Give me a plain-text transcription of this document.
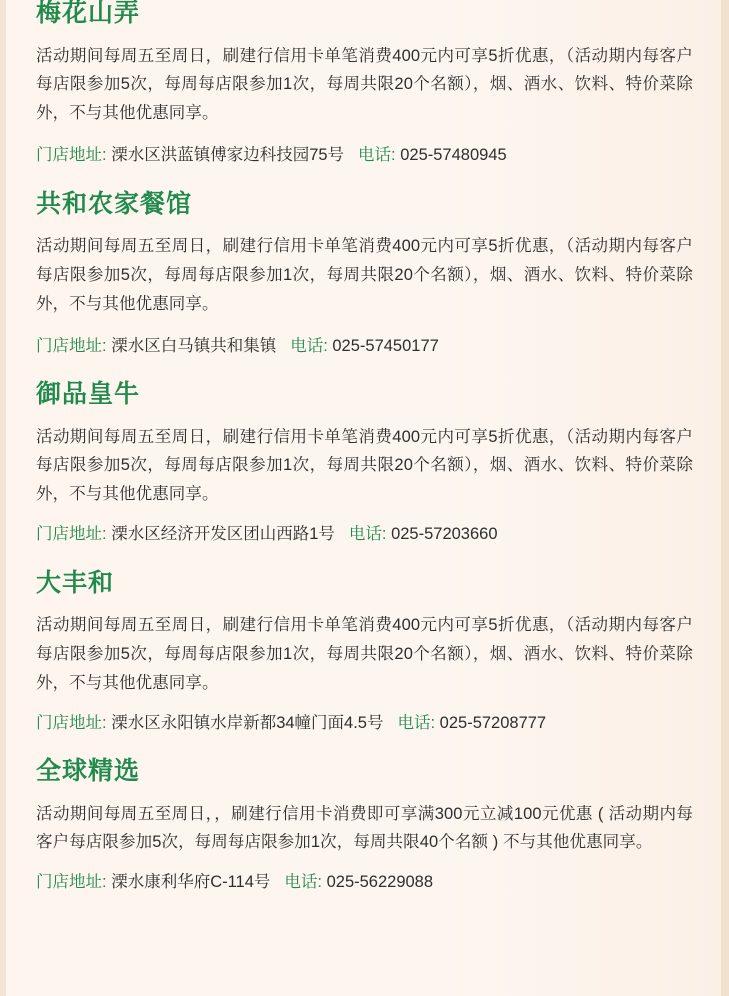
梅花山弄

活动期间每周五至周日，刷建行信用卡单笔消费400元内可享5折优惠，（活动期内每客户每店限参加5次，每周每店限参加1次，每周共限20个名额），烟、酒水、饮料、特价菜除外，不与其他优惠同享。

门店地址: 溧水区洪蓝镇傅家边科技园75号 电话: 025-57480945

共和农家餐馆

活动期间每周五至周日，刷建行信用卡单笔消费400元内可享5折优惠，（活动期内每客户每店限参加5次，每周每店限参加1次，每周共限20个名额），烟、酒水、饮料、特价菜除外，不与其他优惠同享。

门店地址: 溧水区白马镇共和集镇 电话: 025-57450177

御品皇牛

活动期间每周五至周日，刷建行信用卡单笔消费400元内可享5折优惠，（活动期内每客户每店限参加5次，每周每店限参加1次，每周共限20个名额），烟、酒水、饮料、特价菜除外，不与其他优惠同享。

门店地址: 溧水区经济开发区团山西路1号 电话: 025-57203660

大丰和

活动期间每周五至周日，刷建行信用卡单笔消费400元内可享5折优惠，（活动期内每客户每店限参加5次，每周每店限参加1次，每周共限20个名额），烟、酒水、饮料、特价菜除外，不与其他优惠同享。

门店地址: 溧水区永阳镇水岸新都34幢门面4.5号 电话: 025-57208777

全球精选

活动期间每周五至周日，，刷建行信用卡消费即可享满300元立减100元优惠 ( 活动期内每客户每店限参加5次，每周每店限参加1次，每周共限40个名额 ) 不与其他优惠同享。

门店地址: 溧水康利华府C-114号 电话: 025-56229088
